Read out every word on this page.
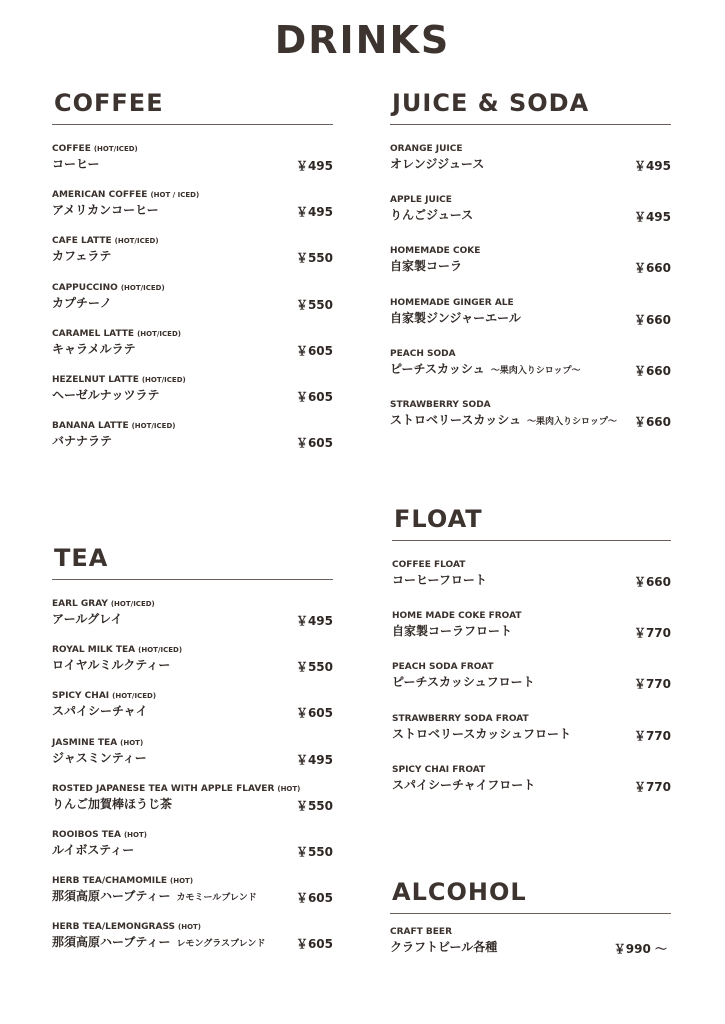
DRINKS
COFFEE
COFFEE (HOT/ICED)
コーヒー	￥495
AMERICAN COFFEE (HOT / ICED)
アメリカンコーヒー	￥495
CAFE LATTE (HOT/ICED)
カフェラテ	￥550
CAPPUCCINO (HOT/ICED)
カプチーノ	￥550
CARAMEL LATTE (HOT/ICED)
キャラメルラテ	￥605
HEZELNUT LATTE (HOT/ICED)
ヘーゼルナッツラテ	￥605
BANANA LATTE (HOT/ICED)
バナナラテ	￥605
TEA
EARL GRAY (HOT/ICED)
アールグレイ	￥495
ROYAL MILK TEA (HOT/ICED)
ロイヤルミルクティー	￥550
SPICY CHAI (HOT/ICED)
スパイシーチャイ	￥605
JASMINE TEA (HOT)
ジャスミンティー	￥495
ROSTED JAPANESE TEA WITH APPLE FLAVER (HOT)
りんご加賀棒ほうじ茶	￥550
ROOIBOS TEA (HOT)
ルイボスティー	￥550
HERB TEA/CHAMOMILE (HOT)
那須高原ハーブティー カモミールブレンド	￥605
HERB TEA/LEMONGRASS (HOT)
那須高原ハーブティー レモングラスブレンド	￥605
JUICE & SODA
ORANGE JUICE
オレンジジュース	￥495
APPLE JUICE
りんごジュース	￥495
HOMEMADE COKE
自家製コーラ	￥660
HOMEMADE GINGER ALE
自家製ジンジャーエール	￥660
PEACH SODA
ピーチスカッシュ 〜果肉入りシロップ〜	￥660
STRAWBERRY SODA
ストロベリースカッシュ 〜果肉入りシロップ〜	￥660
FLOAT
COFFEE FLOAT
コーヒーフロート	￥660
HOME MADE COKE FROAT
自家製コーラフロート	￥770
PEACH SODA FROAT
ピーチスカッシュフロート	￥770
STRAWBERRY SODA FROAT
ストロベリースカッシュフロート	￥770
SPICY CHAI FROAT
スパイシーチャイフロート	￥770
ALCOHOL
CRAFT BEER
クラフトビール各種	￥990 〜
